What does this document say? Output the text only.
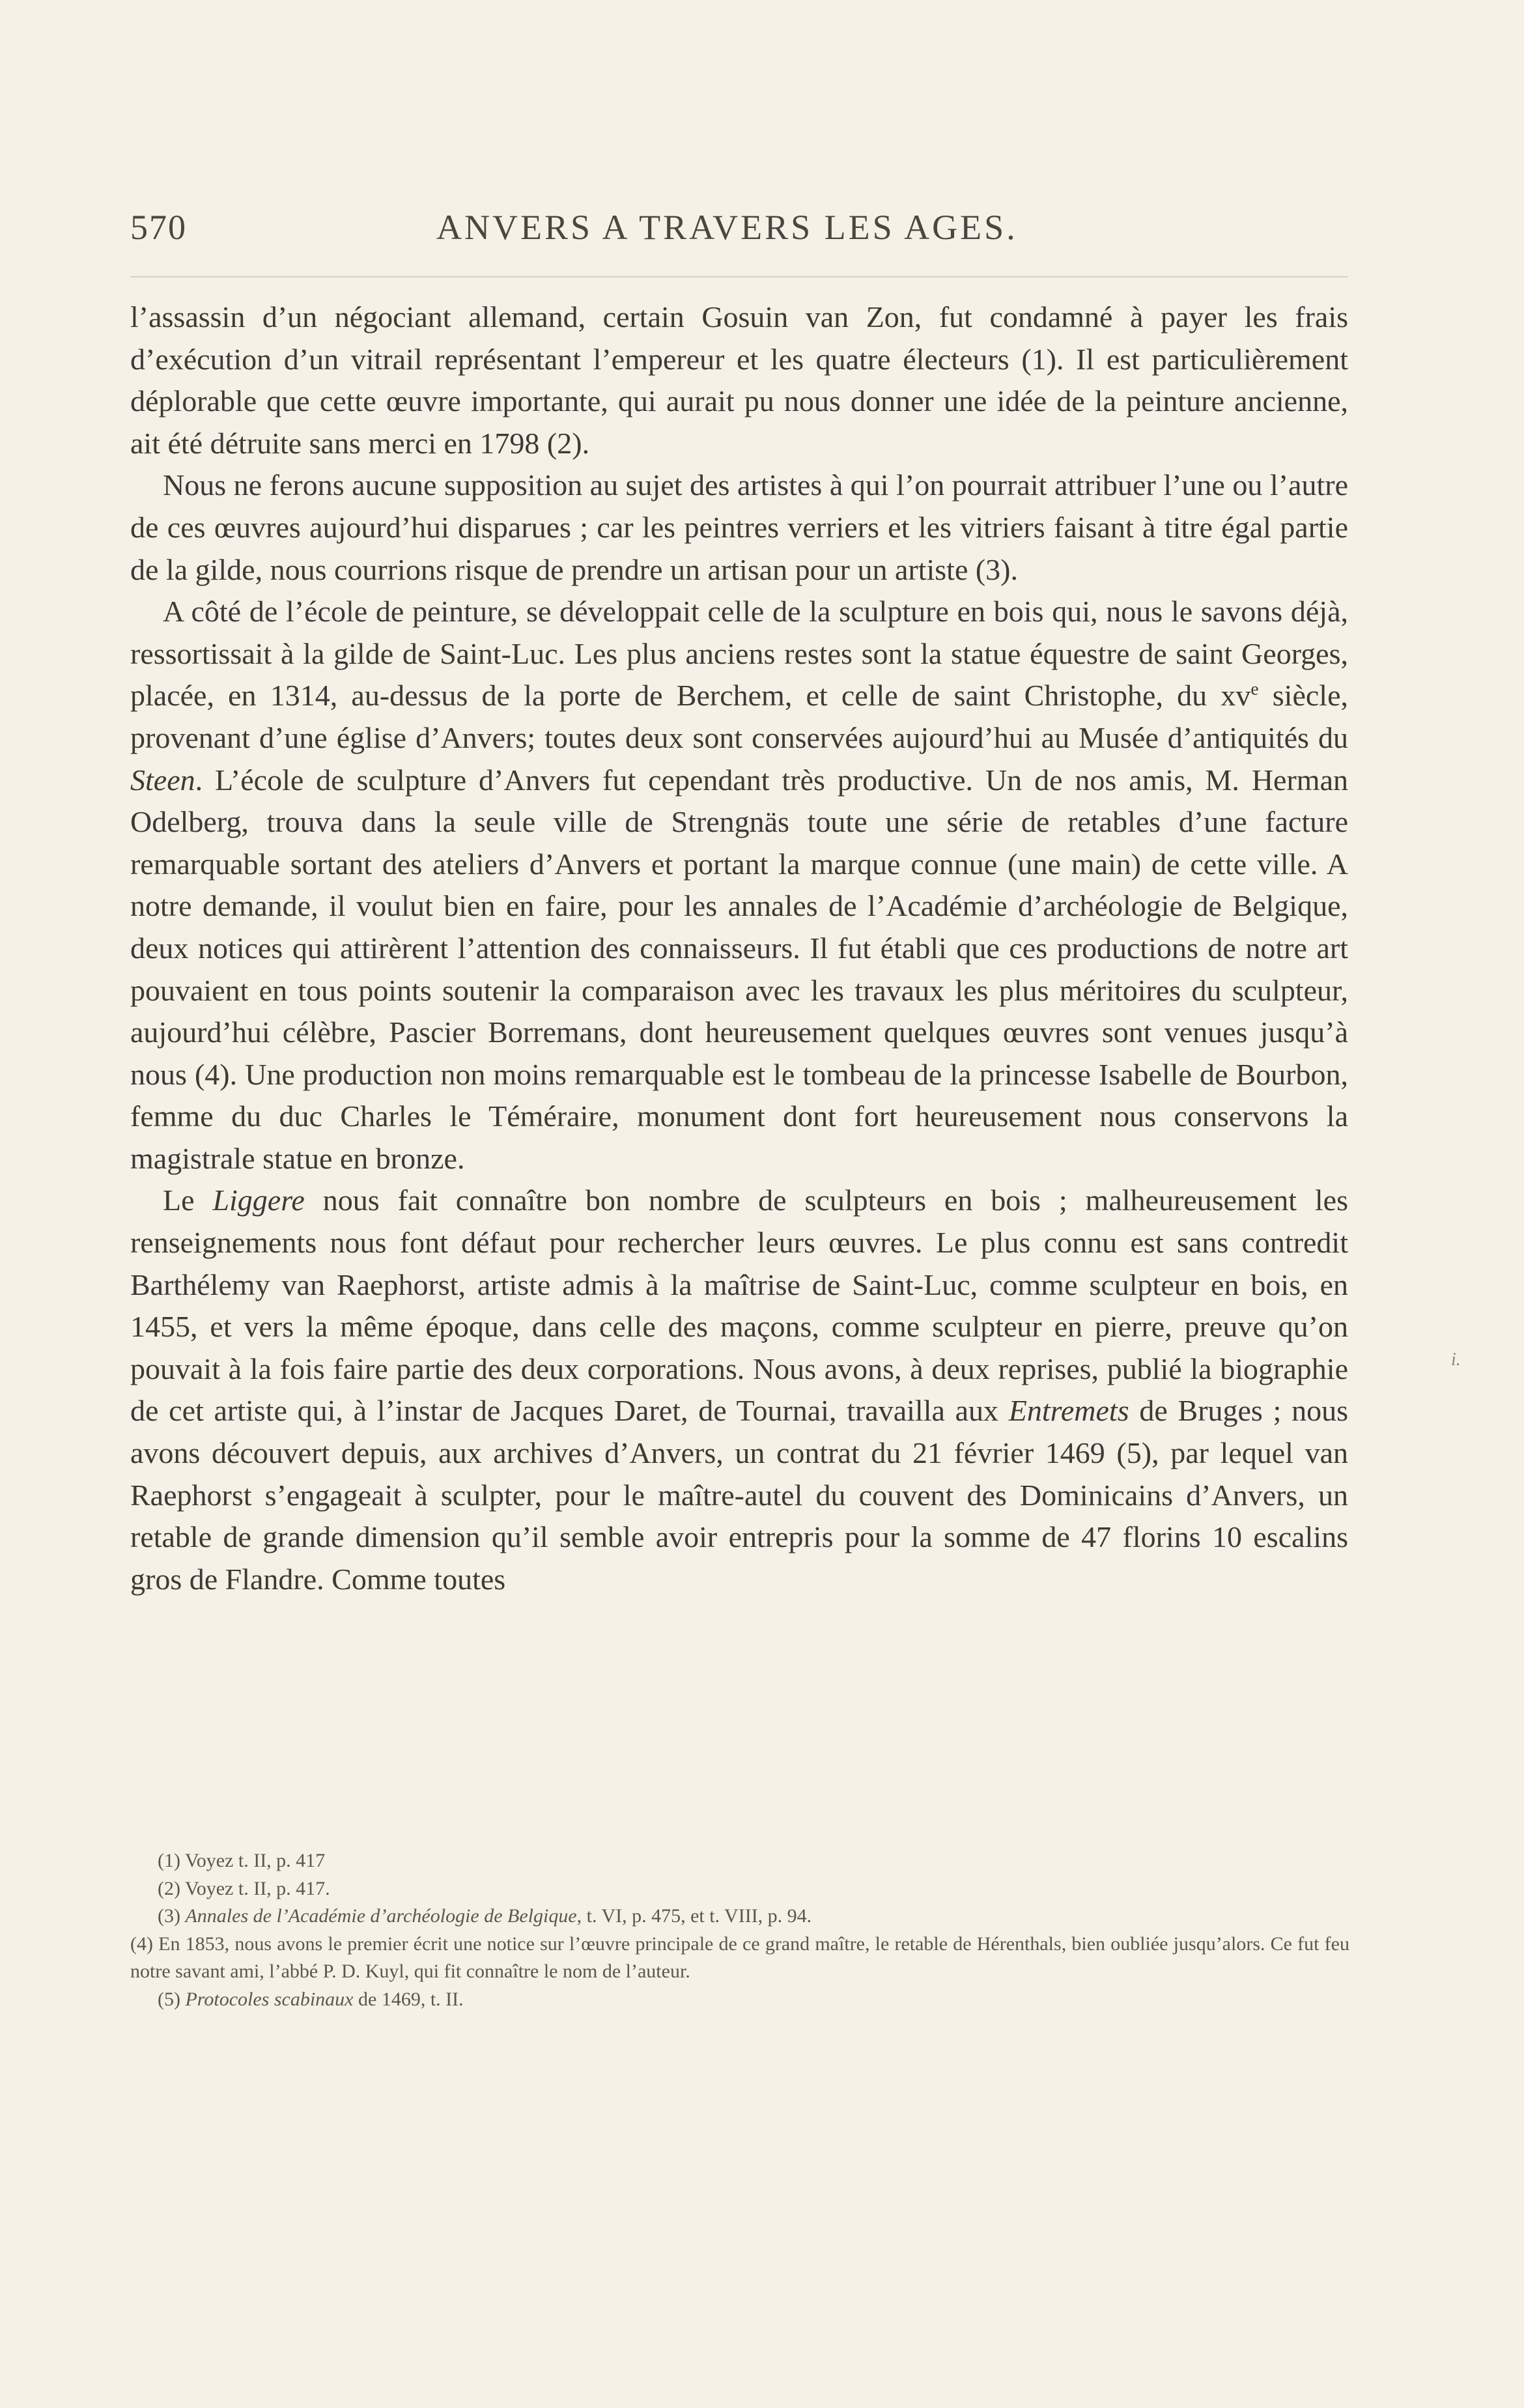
570	ANVERS A TRAVERS LES AGES.

l’assassin d’un négociant allemand, certain Gosuin van Zon, fut condamné à payer les frais d’exécution d’un vitrail représentant l’empereur et les quatre électeurs (1). Il est particulièrement déplorable que cette œuvre importante, qui aurait pu nous donner une idée de la peinture ancienne, ait été détruite sans merci en 1798 (2).

Nous ne ferons aucune supposition au sujet des artistes à qui l’on pourrait attribuer l’une ou l’autre de ces œuvres aujourd’hui disparues ; car les peintres verriers et les vitriers faisant à titre égal partie de la gilde, nous courrions risque de prendre un artisan pour un artiste (3).

A côté de l’école de peinture, se développait celle de la sculpture en bois qui, nous le savons déjà, ressortissait à la gilde de Saint-Luc. Les plus anciens restes sont la statue équestre de saint Georges, placée, en 1314, au-dessus de la porte de Berchem, et celle de saint Christophe, du $xv^e$ siècle, provenant d’une église d’Anvers; toutes deux sont conservées aujourd’hui au Musée d’antiquités du Steen. L’école de sculpture d’Anvers fut cependant très productive. Un de nos amis, M. Herman Odelberg, trouva dans la seule ville de Strengnäs toute une série de retables d’une facture remarquable sortant des ateliers d’Anvers et portant la marque connue (une main) de cette ville. A notre demande, il voulut bien en faire, pour les annales de l’Académie d’archéologie de Belgique, deux notices qui attirèrent l’attention des connaisseurs. Il fut établi que ces productions de notre art pouvaient en tous points soutenir la comparaison avec les travaux les plus méritoires du sculpteur, aujourd’hui célèbre, Pascier Borremans, dont heureusement quelques œuvres sont venues jusqu’à nous (4). Une production non moins remarquable est le tombeau de la princesse Isabelle de Bourbon, femme du duc Charles le Téméraire, monument dont fort heureusement nous conservons la magistrale statue en bronze.

Le Liggere nous fait connaître bon nombre de sculpteurs en bois ; malheureusement les renseignements nous font défaut pour rechercher leurs œuvres. Le plus connu est sans contredit Barthélemy van Raephorst, artiste admis à la maîtrise de Saint-Luc, comme sculpteur en bois, en 1455, et vers la même époque, dans celle des maçons, comme sculpteur en pierre, preuve qu’on pouvait à la fois faire partie des deux corporations. Nous avons, à deux reprises, publié la biographie de cet artiste qui, à l’instar de Jacques Daret, de Tournai, travailla aux Entremets de Bruges ; nous avons découvert depuis, aux archives d’Anvers, un contrat du 21 février 1469 (5), par lequel van Raephorst s’engageait à sculpter, pour le maître-autel du couvent des Dominicains d’Anvers, un retable de grande dimension qu’il semble avoir entrepris pour la somme de 47 florins 10 escalins gros de Flandre. Comme toutes

i.

(1) Voyez t. II, p. 417

(2) Voyez t. II, p. 417.

(3) Annales de l’Académie d’archéologie de Belgique, t. VI, p. 475, et t. VIII, p. 94.

(4) En 1853, nous avons le premier écrit une notice sur l’œuvre principale de ce grand maître, le retable de Hérenthals, bien oubliée jusqu’alors. Ce fut feu notre savant ami, l’abbé P. D. Kuyl, qui fit connaître le nom de l’auteur.

(5) Protocoles scabinaux de 1469, t. II.
